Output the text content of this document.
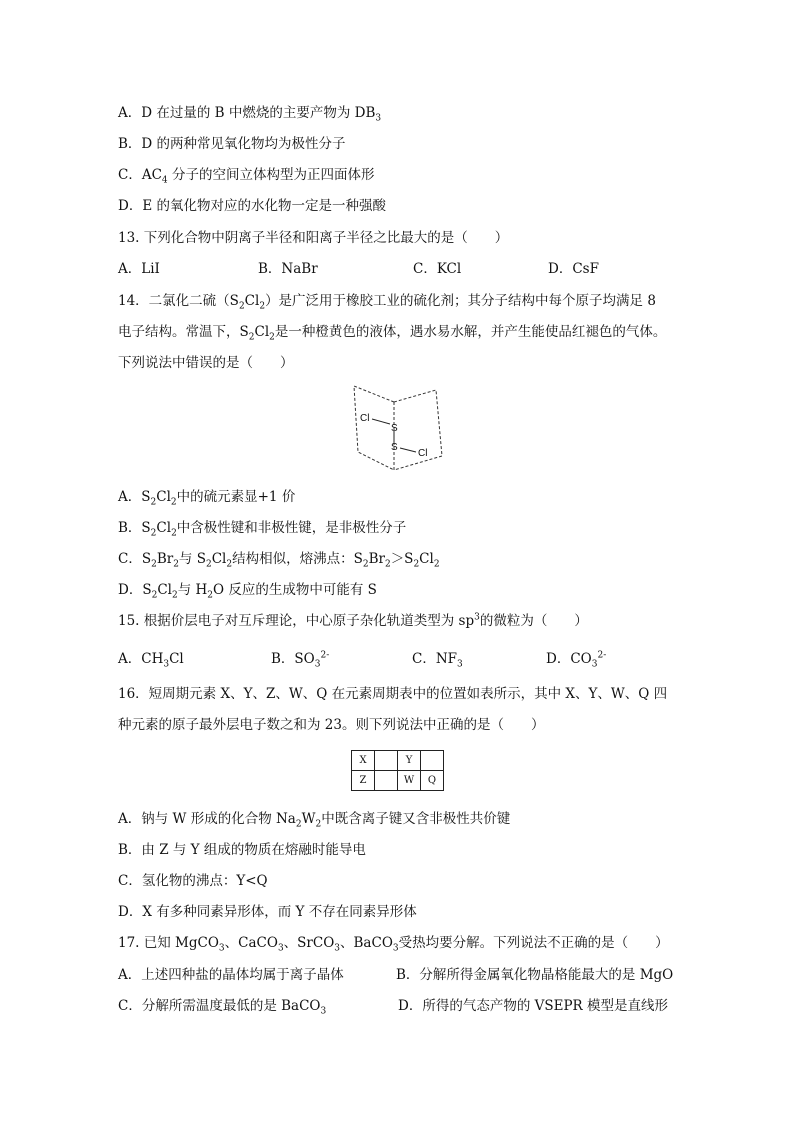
A．D 在过量的 B 中燃烧的主要产物为 $DB_3$
B．D 的两种常见氧化物均为极性分子
C．$AC_4$ 分子的空间立体构型为正四面体形
D．E 的氧化物对应的水化物一定是一种强酸
13. 下列化合物中阴离子半径和阳离子半径之比最大的是（　　）
A．LiI	B．NaBr	C．KCl	D．CsF
14．二氯化二硫$(S_2Cl_2)$是广泛用于橡胶工业的硫化剂；其分子结构中每个原子均满足 8
电子结构。常温下，$S_2Cl_2$是一种橙黄色的液体，遇水易水解，并产生能使品红褪色的气体。
下列说法中错误的是（　　）
Cl
S
S
Cl
A．$S_2Cl_2$中的硫元素显+1 价
B．$S_2Cl_2$中含极性键和非极性键，是非极性分子
C．$S_2Br_2$与 $S_2Cl_2$结构相似，熔沸点：$S_2Br_2>S_2Cl_2$
D．$S_2Cl_2$与 $H_2O$ 反应的生成物中可能有 S
15. 根据价层电子对互斥理论，中心原子杂化轨道类型为 $sp^3$的微粒为（　　）
A．$CH_3Cl$	B．$SO_3^{2-}$	C．$NF_3$	D．$CO_3^{2-}$
16．短周期元素 X、Y、Z、W、Q 在元素周期表中的位置如表所示，其中 X、Y、W、Q 四
种元素的原子最外层电子数之和为 23。则下列说法中正确的是（　　）
X		Y	
Z		W	Q
A．钠与 W 形成的化合物 $Na_2W_2$中既含离子键又含非极性共价键
B．由 Z 与 Y 组成的物质在熔融时能导电
C．氢化物的沸点：Y<Q
D．X 有多种同素异形体，而 Y 不存在同素异形体
17. 已知 MgCO$_3$、CaCO$_3$、SrCO$_3$、BaCO$_3$受热均要分解。下列说法不正确的是（　　）
A．上述四种盐的晶体均属于离子晶体	B．分解所得金属氧化物晶格能最大的是 MgO
C．分解所需温度最低的是 BaCO$_3$	D．所得的气态产物的 VSEPR 模型是直线形
